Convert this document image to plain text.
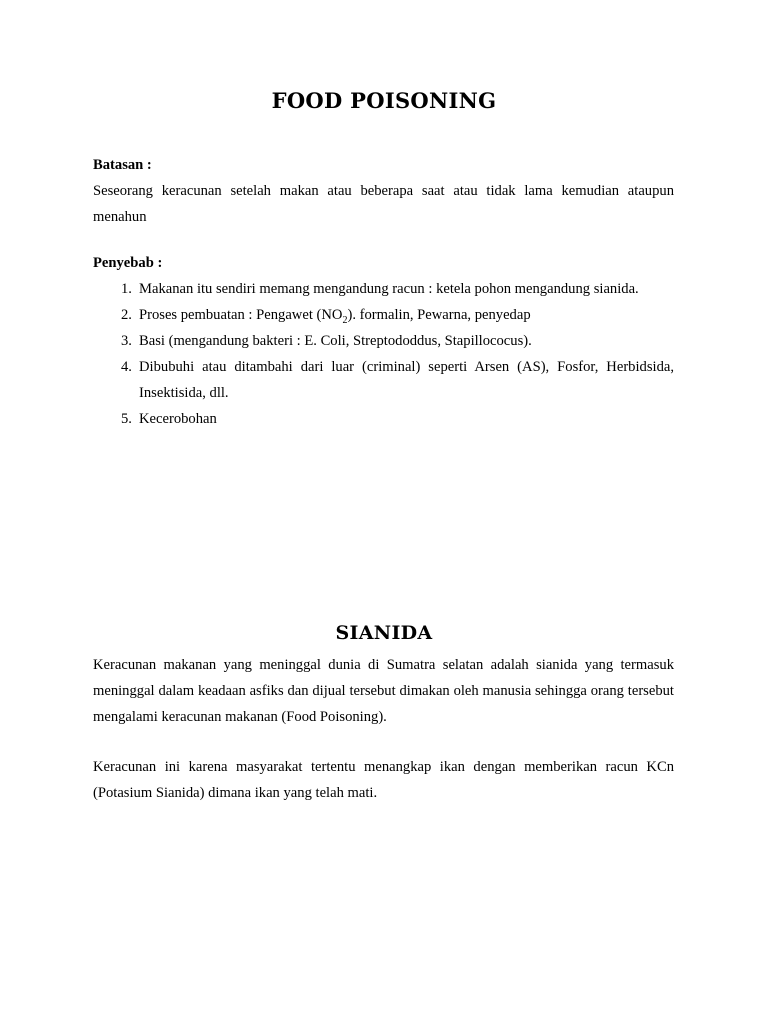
FOOD POISONING
Batasan :
Seseorang keracunan setelah makan atau beberapa saat atau tidak lama kemudian ataupun menahun
Penyebab :
1. Makanan itu sendiri memang mengandung racun : ketela pohon mengandung sianida.
2. Proses pembuatan : Pengawet $(NO_2)$. formalin, Pewarna, penyedap
3. Basi (mengandung bakteri : E. Coli, Streptododdus, Stapillococus).
4. Dibubuhi atau ditambahi dari luar (criminal) seperti Arsen (AS), Fosfor, Herbidsida, Insektisida, dll.
5. Kecerobohan
SIANIDA
Keracunan makanan yang meninggal dunia di Sumatra selatan adalah sianida yang termasuk meninggal dalam keadaan asfiks dan dijual tersebut dimakan oleh manusia sehingga orang tersebut mengalami keracunan makanan (Food Poisoning).
Keracunan ini karena masyarakat tertentu menangkap ikan dengan memberikan racun KCn (Potasium Sianida) dimana ikan yang telah mati.
